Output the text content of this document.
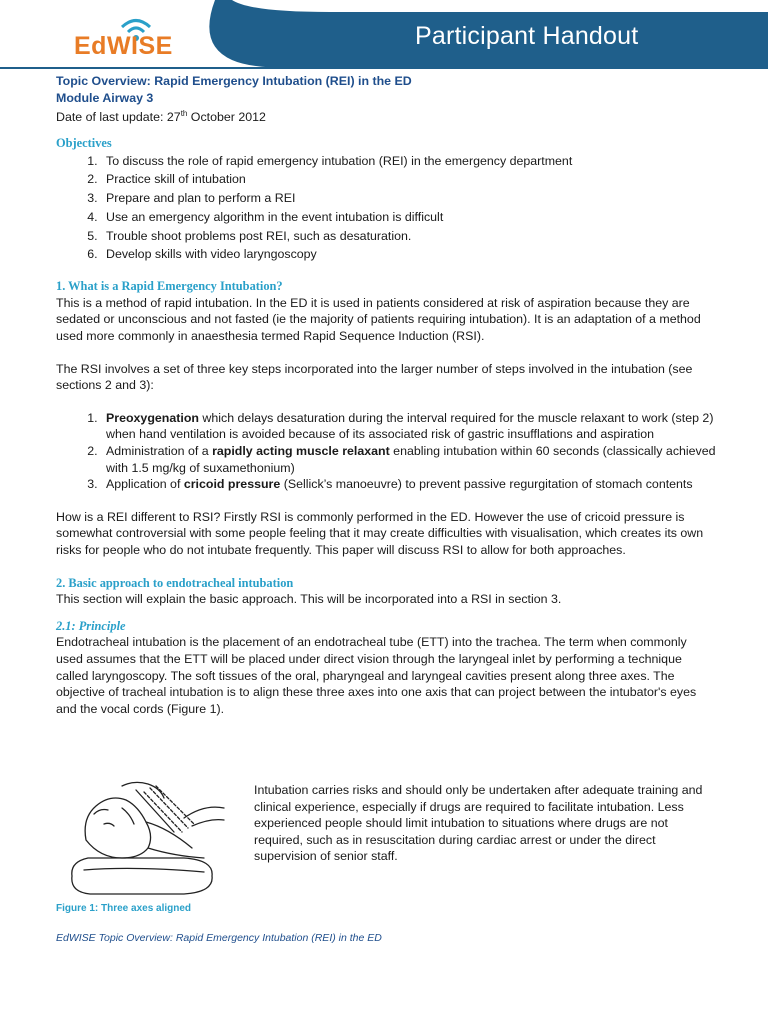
EdWISE	Participant Handout
Topic Overview: Rapid Emergency Intubation (REI) in the ED
Module Airway 3
Date of last update: 27th October 2012
Objectives
1. To discuss the role of rapid emergency intubation (REI) in the emergency department
2. Practice skill of intubation
3. Prepare and plan to perform a REI
4. Use an emergency algorithm in the event intubation is difficult
5. Trouble shoot problems post REI, such as desaturation.
6. Develop skills with video laryngoscopy
1. What is a Rapid Emergency Intubation?

This is a method of rapid intubation. In the ED it is used in patients considered at risk of aspiration because they are sedated or unconscious and not fasted (ie the majority of patients requiring intubation). It is an adaptation of a method used more commonly in anaesthesia termed Rapid Sequence Induction (RSI).

The RSI involves a set of three key steps incorporated into the larger number of steps involved in the intubation (see sections 2 and 3):

1. Preoxygenation which delays desaturation during the interval required for the muscle relaxant to work (step 2) when hand ventilation is avoided because of its associated risk of gastric insufflations and aspiration
2. Administration of a rapidly acting muscle relaxant enabling intubation within 60 seconds (classically achieved with 1.5 mg/kg of suxamethonium)
3. Application of cricoid pressure (Sellick’s manoeuvre) to prevent passive regurgitation of stomach contents

How is a REI different to RSI? Firstly RSI is commonly performed in the ED. However the use of cricoid pressure is somewhat controversial with some people feeling that it may create difficulties with visualisation, which creates its own risks for people who do not intubate frequently. This paper will discuss RSI to allow for both approaches.

2. Basic approach to endotracheal intubation

This section will explain the basic approach. This will be incorporated into a RSI in section 3.

2.1: Principle

Endotracheal intubation is the placement of an endotracheal tube (ETT) into the trachea. The term when commonly used assumes that the ETT will be placed under direct vision through the laryngeal inlet by performing a technique called laryngoscopy. The soft tissues of the oral, pharyngeal and laryngeal cavities present along three axes. The objective of tracheal intubation is to align these three axes into one axis that can project between the intubator's eyes and the vocal cords (Figure 1).

Figure 1: Three axes aligned

Intubation carries risks and should only be undertaken after adequate training and clinical experience, especially if drugs are required to facilitate intubation. Less experienced people should limit intubation to situations where drugs are not required, such as in resuscitation during cardiac arrest or under the direct supervision of senior staff.

EdWISE Topic Overview: Rapid Emergency Intubation (REI) in the ED
